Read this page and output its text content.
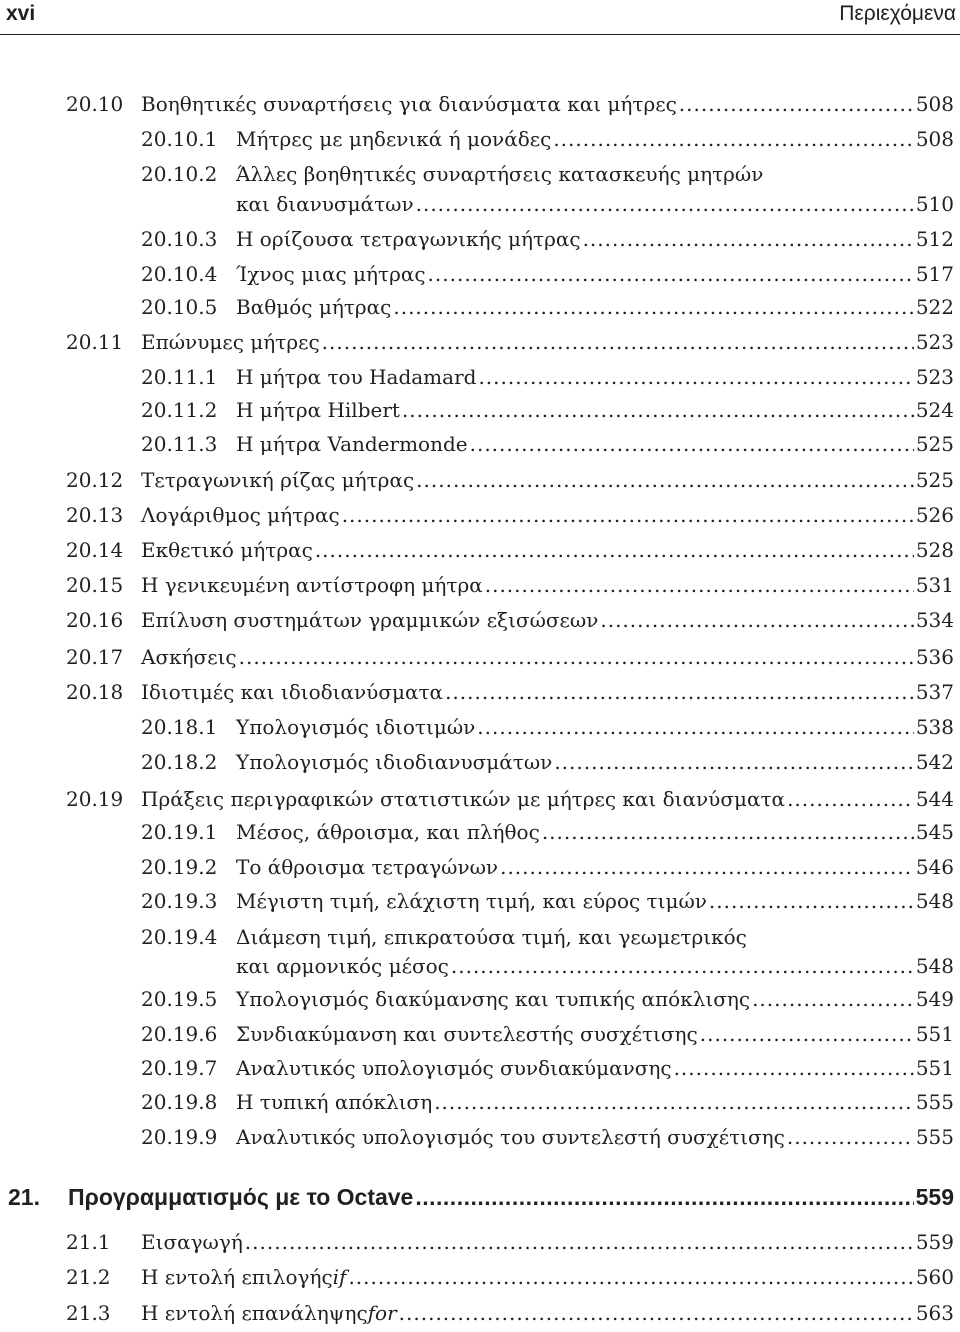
xvi	Περιεχόμενα
20.10 Βοηθητικές συναρτήσεις για διανύσματα και μήτρες .....	508
20.10.1 Μήτρες με μηδενικά ή μονάδες .....	508
20.10.2 Άλλες βοηθητικές συναρτήσεις κατασκευής μητρών
και διανυσμάτων .....	510
20.10.3 Η ορίζουσα τετραγωνικής μήτρας .....	512
20.10.4 Ίχνος μιας μήτρας .....	517
20.10.5 Βαθμός μήτρας .....	522
20.11 Επώνυμες μήτρες .....	523
20.11.1 Η μήτρα του Hadamard .....	523
20.11.2 Η μήτρα Hilbert .....	524
20.11.3 Η μήτρα Vandermonde .....	525
20.12 Τετραγωνική ρίζας μήτρας .....	525
20.13 Λογάριθμος μήτρας .....	526
20.14 Εκθετικό μήτρας .....	528
20.15 Η γενικευμένη αντίστροφη μήτρα .....	531
20.16 Επίλυση συστημάτων γραμμικών εξισώσεων .....	534
20.17 Ασκήσεις .....	536
20.18 Ιδιοτιμές και ιδιοδιανύσματα .....	537
20.18.1 Υπολογισμός ιδιοτιμών .....	538
20.18.2 Υπολογισμός ιδιοδιανυσμάτων .....	542
20.19 Πράξεις περιγραφικών στατιστικών με μήτρες και διανύσματα .....	544
20.19.1 Μέσος, άθροισμα, και πλήθος .....	545
20.19.2 Το άθροισμα τετραγώνων .....	546
20.19.3 Μέγιστη τιμή, ελάχιστη τιμή, και εύρος τιμών .....	548
20.19.4 Διάμεση τιμή, επικρατούσα τιμή, και γεωμετρικός
και αρμονικός μέσος .....	548
20.19.5 Υπολογισμός διακύμανσης και τυπικής απόκλισης .....	549
20.19.6 Συνδιακύμανση και συντελεστής συσχέτισης .....	551
20.19.7 Αναλυτικός υπολογισμός συνδιακύμανσης .....	551
20.19.8 Η τυπική απόκλιση .....	555
20.19.9 Αναλυτικός υπολογισμός του συντελεστή συσχέτισης .....	555
21. Προγραμματισμός με το Octave .....	559
21.1 Εισαγωγή .....	559
21.2 Η εντολή επιλογής if .....	560
21.3 Η εντολή επανάληψης for .....	563
